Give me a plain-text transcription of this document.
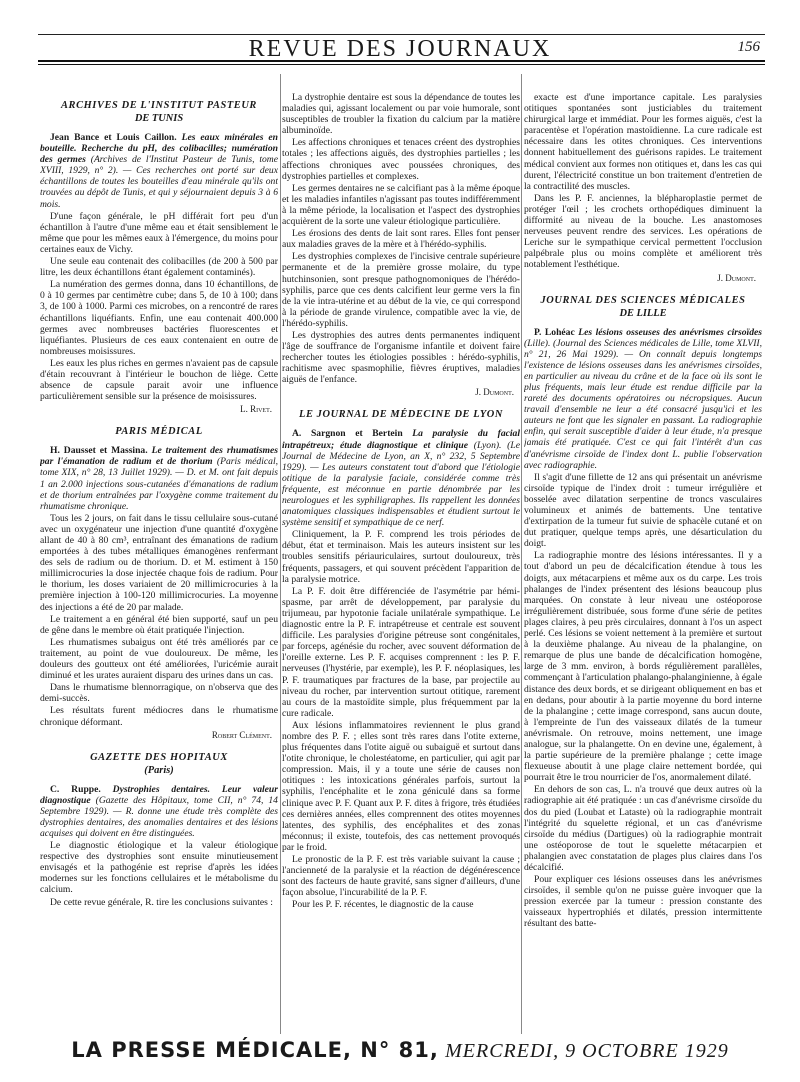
REVUE DES JOURNAUX	156
ARCHIVES DE L'INSTITUT PASTEUR
DE TUNIS

Jean Bance et Louis Caillon. Les eaux minérales en bouteille. Recherche du pH, des colibacilles; numération des germes (Archives de l'Institut Pasteur de Tunis, tome XVIII, 1929, n° 2). — Ces recherches ont porté sur deux échantillons de toutes les bouteilles d'eau minérale qu'ils ont trouvées au dépôt de Tunis, et qui y séjournaient depuis 3 à 6 mois.

D'une façon générale, le pH différait fort peu d'un échantillon à l'autre d'une même eau et était sensiblement le même que pour les mêmes eaux à l'émergence, du moins pour certaines eaux de Vichy.

Une seule eau contenait des colibacilles (de 200 à 500 par litre, les deux échantillons étant également contaminés).

La numération des germes donna, dans 10 échantillons, de 0 à 10 germes par centimètre cube; dans 5, de 10 à 100; dans 3, de 100 à 1000. Parmi ces microbes, on a rencontré de rares échantillons liquéfiants. Enfin, une eau contenait 400.000 germes avec nombreuses bactéries fluorescentes et liquéfiantes. Plusieurs de ces eaux contenaient en outre de nombreuses moisissures.

Les eaux les plus riches en germes n'avaient pas de capsule d'étain recouvrant à l'intérieur le bouchon de liège. Cette absence de capsule parait avoir une influence particulièrement sensible sur la présence de moisissures.

L. Rivet.
PARIS MÉDICAL

H. Dausset et Massina. Le traitement des rhumatismes par l'émanation de radium et de thorium (Paris médical, tome XIX, n° 28, 13 Juillet 1929). — D. et M. ont fait depuis 1 an 2.000 injections sous-cutanées d'émanations de radium et de thorium entraînées par l'oxygène comme traitement du rhumatisme chronique.

Tous les 2 jours, on fait dans le tissu cellulaire sous-cutané avec un oxygénateur une injection d'une quantité d'oxygène allant de 40 à 80 cm³, entraînant des émanations de radium emportées à des tubes métalliques émanogènes renfermant des sels de radium ou de thorium. D. et M. estiment à 150 millimicrocuries la dose injectée chaque fois de radium. Pour le thorium, les doses variaient de 20 millimicrocuries à la première injection à 100-120 millimicrocuries. La moyenne des injections a été de 20 par malade.

Le traitement a en général été bien supporté, sauf un peu de gêne dans le membre où était pratiquée l'injection.

Les rhumatismes subaigus ont été très améliorés par ce traitement, au point de vue douloureux. De même, les douleurs des goutteux ont été améliorées, l'uricémie aurait diminué et les urates auraient disparu des urines dans un cas.

Dans le rhumatisme blennorragique, on n'observa que des demi-succès.

Les résultats furent médiocres dans le rhumatisme chronique déformant.

Robert Clément.
GAZETTE DES HOPITAUX
(Paris)

C. Ruppe. Dystrophies dentaires. Leur valeur diagnostique (Gazette des Hôpitaux, tome CII, n° 74, 14 Septembre 1929). — R. donne une étude très complète des dystrophies dentaires, des anomalies dentaires et des lésions acquises qui doivent en être distinguées.

Le diagnostic étiologique et la valeur étiologique respective des dystrophies sont ensuite minutieusement envisagés et la pathogénie est reprise d'après les idées modernes sur les fonctions cellulaires et le métabolisme du calcium.

De cette revue générale, R. tire les conclusions suivantes :

La dystrophie dentaire est sous la dépendance de toutes les maladies qui, agissant localement ou par voie humorale, sont susceptibles de troubler la fixation du calcium par la matière albuminoïde.

Les affections chroniques et tenaces créent des dystrophies totales ; les affections aiguës, des dystrophies partielles ; les affections chroniques avec poussées chroniques, des dystrophies partielles et complexes.

Les germes dentaires ne se calcifiant pas à la même époque et les maladies infantiles n'agissant pas toutes indifféremment à la même période, la localisation et l'aspect des dystrophies acquièrent de la sorte une valeur étiologique particulière.

Les érosions des dents de lait sont rares. Elles font penser aux maladies graves de la mère et à l'hérédo-syphilis.

Les dystrophies complexes de l'incisive centrale supérieure permanente et de la première grosse molaire, du type hutchinsonien, sont presque pathognomoniques de l'hérédo-syphilis, parce que ces dents calcifient leur germe vers la fin de la vie intra-utérine et au début de la vie, ce qui correspond à la période de grande virulence, compatible avec la vie, de l'hérédo-syphilis.

Les dystrophies des autres dents permanentes indiquent l'âge de souffrance de l'organisme infantile et doivent faire rechercher toutes les étiologies possibles : hérédo-syphilis, rachitisme avec spasmophilie, fièvres éruptives, maladies aiguës de l'enfance.

J. Dumont.
LE JOURNAL DE MÉDECINE DE LYON

A. Sargnon et Bertein La paralysie du facial intrapétreux; étude diagnostique et clinique (Lyon). (Le Journal de Médecine de Lyon, an X, n° 232, 5 Septembre 1929). — Les auteurs constatent tout d'abord que l'étiologie otitique de la paralysie faciale, considérée comme très fréquente, est méconnue en partie dénombrée par les neurologues et les syphiligraphes. Ils rappellent les données anatomiques classiques indispensables et étudient surtout le système sensitif et sympathique de ce nerf.

Cliniquement, la P. F. comprend les trois périodes de début, état et terminaison. Mais les auteurs insistent sur les troubles sensitifs périauriculaires, surtout douloureux, très fréquents, passagers, et qui souvent précèdent l'apparition de la paralysie motrice.

La P. F. doit être différenciée de l'asymétrie par hémi-spasme, par arrêt de développement, par paralysie du trijumeau, par hypotonie faciale unilatérale sympathique. Le diagnostic entre la P. F. intrapétreuse et centrale est souvent difficile. Les paralysies d'origine pétreuse sont congénitales, par forceps, agénésie du rocher, avec souvent déformation de l'oreille externe. Les P. F. acquises comprennent : les P. F. nerveuses (l'hystérie, par exemple), les P. F. néoplasiques, les P. F. traumatiques par fractures de la base, par projectile au niveau du rocher, par intervention surtout otitique, rarement au cours de la mastoïdite simple, plus fréquemment par la cure radicale.

Aux lésions inflammatoires reviennent le plus grand nombre des P. F. ; elles sont très rares dans l'otite externe, plus fréquentes dans l'otite aiguë ou subaiguë et surtout dans l'otite chronique, le cholestéatome, en particulier, qui agit par compression. Mais, il y a toute une série de causes non otitiques : les intoxications générales parfois, surtout la syphilis, l'encéphalite et le zona géniculé dans sa forme clinique avec P. F. Quant aux P. F. dites à frigore, très étudiées ces dernières années, elles comprennent des otites moyennes latentes, des syphilis, des encéphalites et des zonas méconnus; il existe, toutefois, des cas nettement provoqués par le froid.

Le pronostic de la P. F. est très variable suivant la cause ; l'ancienneté de la paralysie et la réaction de dégénérescence sont des facteurs de haute gravité, sans signer d'ailleurs, d'une façon absolue, l'incurabilité de la P. F.

Pour les P. F. récentes, le diagnostic de la cause

exacte est d'une importance capitale. Les paralysies otitiques spontanées sont justiciables du traitement chirurgical large et immédiat. Pour les formes aiguës, c'est la paracentèse et l'opération mastoïdienne. La cure radicale est nécessaire dans les otites chroniques. Ces interventions donnent habituellement des guérisons rapides. Le traitement médical convient aux formes non otitiques et, dans les cas qui durent, l'électricité constitue un bon traitement d'entretien de la contractilité des muscles.

Dans les P. F. anciennes, la blépharoplastie permet de protéger l'œil ; les crochets orthopédiques diminuent la difformité au niveau de la bouche. Les anastomoses nerveuses peuvent rendre des services. Les opérations de Leriche sur le sympathique cervical permettent l'occlusion palpébrale plus ou moins complète et améliorent très notablement l'esthétique.

J. Dumont.
JOURNAL DES SCIENCES MÉDICALES
DE LILLE

P. Lohéac Les lésions osseuses des anévrismes cirsoïdes (Lille). (Journal des Sciences médicales de Lille, tome XLVII, n° 21, 26 Mai 1929). — On connaît depuis longtemps l'existence de lésions osseuses dans les anévrismes cirsoïdes, en particulier au niveau du crâne et de la face où ils sont le plus fréquents, mais leur étude est rendue difficile par la rareté des documents opératoires ou nécropsiques. Aucun travail d'ensemble ne leur a été consacré jusqu'ici et les auteurs ne font que les signaler en passant. La radiographie enfin, qui serait susceptible d'aider à leur étude, n'a presque jamais été pratiquée. C'est ce qui fait l'intérêt d'un cas d'anévrisme cirsoïde de l'index dont L. publie l'observation avec radiographie.

Il s'agit d'une fillette de 12 ans qui présentait un anévrisme cirsoïde typique de l'index droit : tumeur irrégulière et bosselée avec dilatation serpentine de troncs vasculaires volumineux et animés de battements. Une tentative d'extirpation de la tumeur fut suivie de sphacèle cutané et on dut pratiquer, quelque temps après, une désarticulation du doigt.

La radiographie montre des lésions intéressantes. Il y a tout d'abord un peu de décalcification étendue à tous les doigts, aux métacarpiens et même aux os du carpe. Les trois phalanges de l'index présentent des lésions beaucoup plus marquées. On constate à leur niveau une ostéoporose irrégulièrement distribuée, sous forme d'une série de petites plages claires, à peu près circulaires, donnant à l'os un aspect perlé. Ces lésions se voient nettement à la première et surtout à la deuxième phalange. Au niveau de la phalangine, on remarque de plus une bande de décalcification homogène, large de 3 mm. environ, à bords régulièrement parallèles, commençant à l'articulation phalango-phalanginienne, à égale distance des deux bords, et se dirigeant obliquement en bas et en dedans, pour aboutir à la partie moyenne du bord interne de la phalangine ; cette image correspond, sans aucun doute, à l'empreinte de l'un des vaisseaux dilatés de la tumeur anévrismale. On retrouve, moins nettement, une image analogue, sur la phalangette. On en devine une, également, à la partie supérieure de la première phalange ; cette image flexueuse aboutit à une plage claire nettement bordée, qui pourrait être le trou nourricier de l'os, anormalement dilaté.

En dehors de son cas, L. n'a trouvé que deux autres où la radiographie ait été pratiquée : un cas d'anévrisme cirsoïde du dos du pied (Loubat et Lataste) où la radiographie montrait l'intégrité du squelette régional, et un cas d'anévrisme cirsoïde du médius (Dartigues) où la radiographie montrait une ostéoporose de tout le squelette métacarpien et phalangien avec constatation de plages plus claires dans l'os décalcifié.

Pour expliquer ces lésions osseuses dans les anévrismes cirsoïdes, il semble qu'on ne puisse guère invoquer que la pression exercée par la tumeur : pression constante des vaisseaux hypertrophiés et dilatés, pression intermittente résultant des batte-

LA PRESSE MÉDICALE, N° 81, MERCREDI, 9 OCTOBRE 1929
